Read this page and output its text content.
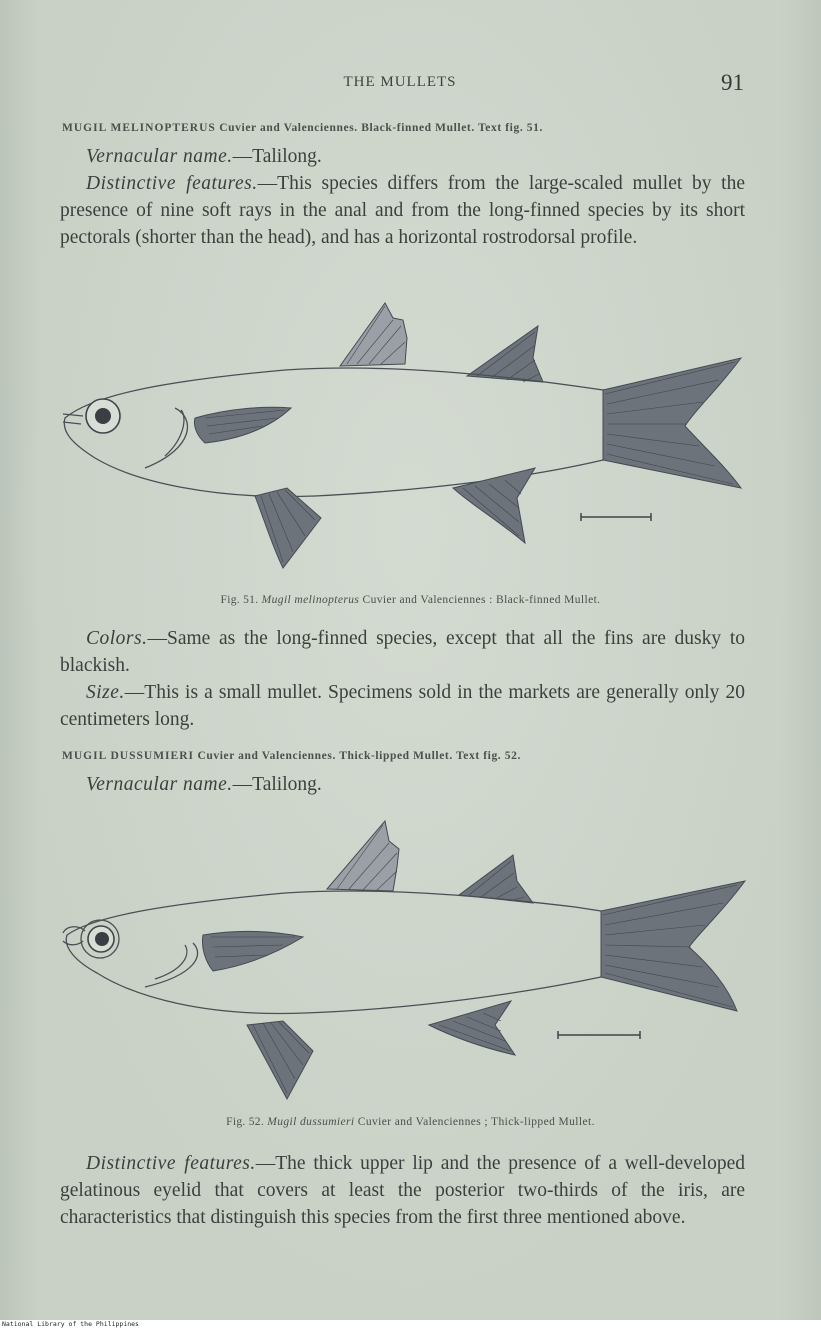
THE MULLETS	91
MUGIL MELINOPTERUS Cuvier and Valenciennes. Black-finned Mullet. Text fig. 51.
Vernacular name.—Talilong.
Distinctive features.—This species differs from the large-scaled mullet by the presence of nine soft rays in the anal and from the long-finned species by its short pectorals (shorter than the head), and has a horizontal rostrodorsal profile.
Fig. 51. Mugil melinopterus Cuvier and Valenciennes : Black-finned Mullet.
Colors.—Same as the long-finned species, except that all the fins are dusky to blackish.
Size.—This is a small mullet. Specimens sold in the markets are generally only 20 centimeters long.
MUGIL DUSSUMIERI Cuvier and Valenciennes. Thick-lipped Mullet. Text fig. 52.
Vernacular name.—Talilong.
Fig. 52. Mugil dussumieri Cuvier and Valenciennes ; Thick-lipped Mullet.
Distinctive features.—The thick upper lip and the presence of a well-developed gelatinous eyelid that covers at least the posterior two-thirds of the iris, are characteristics that distinguish this species from the first three mentioned above.
National Library of the Philippines
